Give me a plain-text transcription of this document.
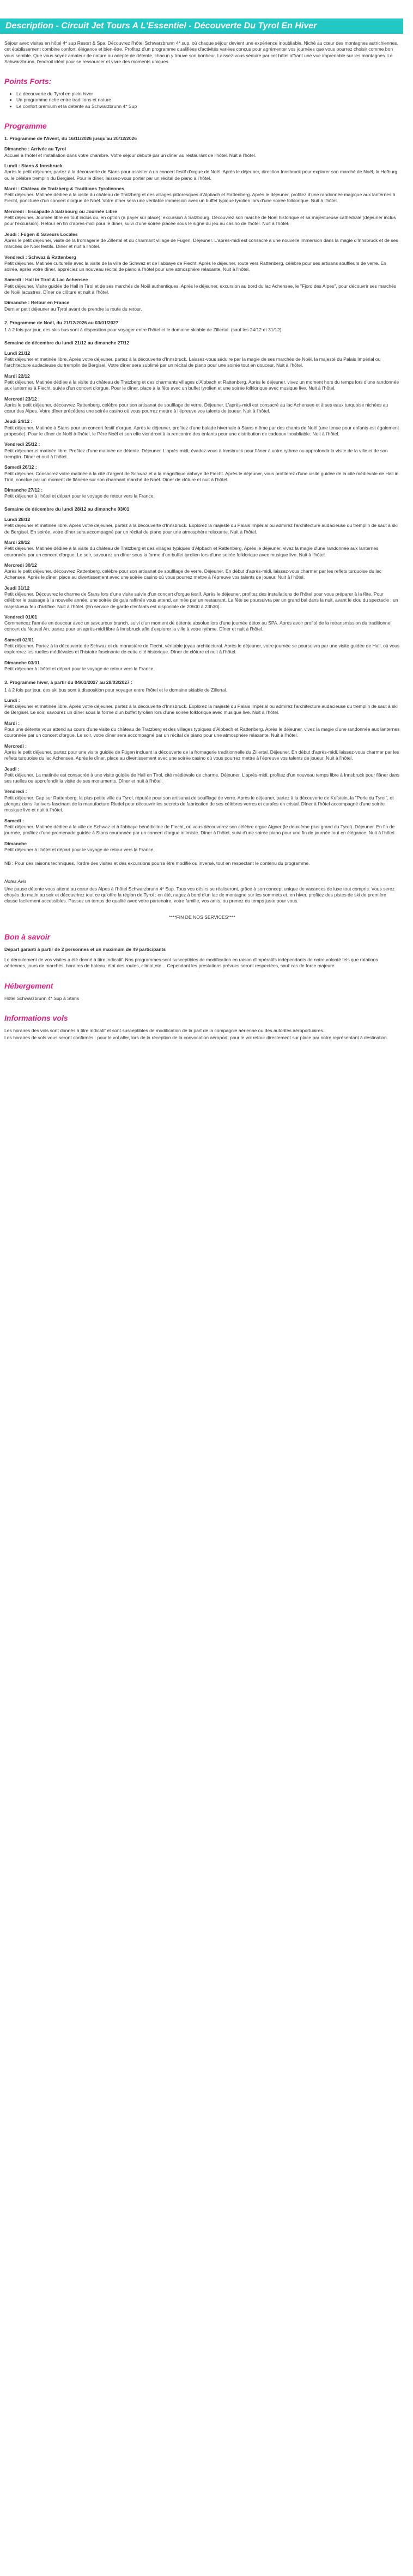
Description - Circuit Jet Tours A L'Essentiel - Découverte Du Tyrol En Hiver
Séjour avec visites en hôtel 4* sup Resort & Spa. Découvrez l'hôtel Schwarzbrunn 4* sup, où chaque séjour devient une expérience inoubliable. Niché au cœur des montagnes autrichiennes, cet établissement combine confort, élégance et bien-être. Profitez d'un programme qualifiées d'activités variées conçus pour agrémenter vos journées que vous pourrez choisir comme bon vous semble. Que vous soyez amateur de nature ou adepte de détente, chacun y trouve son bonheur. Laissez-vous séduire par cet hôtel offrant une vue imprenable sur les montagnes. Le Schwarzbrunn, l'endroit idéal pour se ressourcer et vivre des moments uniques.
Points Forts:
• La découverte du Tyrol en plein hiver
• Un programme riche entre traditions et nature
• Le confort premium et la détente au Schwarzbrunn 4* Sup
Programme
1. Programme de l'Avent, du 16/11/2026 jusqu'au 20/12/2026
Dimanche : Arrivée au Tyrol
Accueil à l'hôtel et installation dans votre chambre. Votre séjour débute par un dîner au restaurant de l'hôtel. Nuit à l'hôtel.
Lundi : Stans & Innsbruck
Après le petit déjeuner, partez à la découverte de Stans pour assister à un concert festif d'orgue de Noël. Après le déjeuner, direction Innsbruck pour explorer son marché de Noël, la Hofburg ou le célèbre tremplin du Bergisel. Pour le dîner, laissez-vous porter par un récital de piano à l'hôtel.
Mardi : Château de Tratzberg & Traditions Tyroliennes
Petit déjeuner. Matinée dédiée à la visite du château de Tratzberg et des villages pittoresques d'Alpbach et Rattenberg. Après le déjeuner, profitez d'une randonnée magique aux lanternes à Fiecht, ponctuée d'un concert d'orgue de Noël. Votre dîner sera une véritable immersion avec un buffet typique tyrolien lors d'une soirée folklorique. Nuit à l'hôtel.
Mercredi : Escapade à Salzbourg ou Journée Libre
Petit déjeuner. Journée libre en tout inclus ou, en option (à payer sur place), excursion à Salzbourg. Découvrez son marché de Noël historique et sa majestueuse cathédrale (déjeuner inclus pour l'excursion). Retour en fin d'après-midi pour le dîner, suivi d'une soirée placée sous le signe du jeu au casino de l'hôtel. Nuit à l'hôtel.
Jeudi : Fügen & Saveurs Locales
Après le petit déjeuner, visite de la fromagerie de Zillertal et du charmant village de Fügen. Déjeuner. L'après-midi est consacré à une nouvelle immersion dans la magie d'Innsbruck et de ses marchés de Noël festifs. Dîner et nuit à l'hôtel.
Vendredi : Schwaz & Rattenberg
Petit déjeuner. Matinée culturelle avec la visite de la ville de Schwaz et de l'abbaye de Fiecht. Après le déjeuner, route vers Rattenberg, célèbre pour ses artisans souffleurs de verre. En soirée, après votre dîner, appréciez un nouveau récital de piano à l'hôtel pour une atmosphère relaxante. Nuit à l'hôtel.
Samedi : Hall in Tirol & Lac Achensee
Petit déjeuner. Visite guidée de Hall in Tirol et de ses marchés de Noël authentiques. Après le déjeuner, excursion au bord du lac Achensee, le "Fjord des Alpes", pour découvrir ses marchés de Noël lacustres. Dîner de clôture et nuit à l'hôtel.
Dimanche : Retour en France
Dernier petit déjeuner au Tyrol avant de prendre la route du retour.
2. Programme de Noël, du 21/12/2026 au 03/01/2027
1 à 2 fois par jour, des skis bus sont à disposition pour voyager entre l'hôtel et le domaine skiable de Zillertal. (sauf les 24/12 et 31/12)
Semaine de décembre du lundi 21/12 au dimanche 27/12
Lundi 21/12
Petit déjeuner et matinée libre. Après votre déjeuner, partez à la découverte d'Innsbruck. Laissez-vous séduire par la magie de ses marchés de Noël, la majesté du Palais Impérial ou l'architecture audacieuse du tremplin de Bergisel. Votre dîner sera sublimé par un récital de piano pour une soirée tout en douceur. Nuit à l'hôtel.
Mardi 22/12
Petit déjeuner. Matinée dédiée à la visite du château de Tratzberg et des charmants villages d'Alpbach et Rattenberg. Après le déjeuner, vivez un moment hors du temps lors d'une randonnée aux lanternes à Fiecht, suivie d'un concert d'orgue. Pour le dîner, place à la fête avec un buffet tyrolien et une soirée folklorique avec musique live. Nuit à l'hôtel.
Mercredi 23/12 :
Après le petit déjeuner, découvrez Rattenberg, célèbre pour son artisanat de soufflage de verre. Déjeuner. L'après-midi est consacré au lac Achensee et à ses eaux turquoise nichées au cœur des Alpes. Votre dîner précédera une soirée casino où vous pourrez mettre à l'épreuve vos talents de joueur. Nuit à l'hôtel.
Jeudi 24/12 :
Petit déjeuner. Matinée à Stans pour un concert festif d'orgue. Après le déjeuner, profitez d'une balade hivernale à Stans même par des chants de Noël (une tenue pour enfants est également proposée). Pour le dîner de Noël à l'hôtel, le Père Noël et son elfe viendront à la rencontre des enfants pour une distribution de cadeaux inoubliable. Nuit à l'hôtel.
Vendredi 25/12 :
Petit déjeuner et matinée libre. Profitez d'une matinée de détente. Déjeuner. L'après-midi, évadez-vous à Innsbruck pour flâner à votre rythme ou approfondir la visite de la ville et de son tremplin. Dîner et nuit à l'hôtel.
Samedi 26/12 :
Petit déjeuner. Consacrez votre matinée à la cité d'argent de Schwaz et à la magnifique abbaye de Fiecht. Après le déjeuner, vous profiterez d'une visite guidée de la cité médiévale de Hall in Tirol, conclue par un moment de flânerie sur son charmant marché de Noël. Dîner de clôture et nuit à l'hôtel.
Dimanche 27/12 :
Petit déjeuner à l'hôtel et départ pour le voyage de retour vers la France.
Semaine de décembre du lundi 28/12 au dimanche 03/01
Lundi 28/12
Petit déjeuner et matinée libre. Après votre déjeuner, partez à la découverte d'Innsbruck. Explorez la majesté du Palais Impérial ou admirez l'architecture audacieuse du tremplin de saut à ski de Bergisel. En soirée, votre dîner sera accompagné par un récital de piano pour une atmosphère relaxante. Nuit à l'hôtel.
Mardi 29/12
Petit déjeuner. Matinée dédiée à la visite du château de Tratzberg et des villages typiques d'Alpbach et Rattenberg. Après le déjeuner, vivez la magie d'une randonnée aux lanternes couronnée par un concert d'orgue. Le soir, savourez un dîner sous la forme d'un buffet tyrolien lors d'une soirée folklorique avec musique live. Nuit à l'hôtel.
Mercredi 30/12
Après le petit déjeuner, découvrez Rattenberg, célèbre pour son artisanat de soufflage de verre. Déjeuner. En début d'après-midi, laissez-vous charmer par les reflets turquoise du lac Achensee. Après le dîner, place au divertissement avec une soirée casino où vous pourrez mettre à l'épreuve vos talents de joueur. Nuit à l'hôtel.
Jeudi 31/12
Petit déjeuner. Découvrez le charme de Stans lors d'une visite suivie d'un concert d'orgue festif. Après le déjeuner, profitez des installations de l'hôtel pour vous préparer à la fête. Pour célébrer le passage à la nouvelle année, une soirée de gala raffinée vous attend, animée par un restaurant. La fête se poursuivra par un grand bal dans la nuit, avant le clou du spectacle : un majestueux feu d'artifice. Nuit à l'hôtel. (En service de garde d'enfants est disponible de 20h00 à 23h30).
Vendredi 01/01
Commencez l'année en douceur avec un savoureux brunch, suivi d'un moment de détente absolue lors d'une journée détox au SPA. Après avoir profité de la retransmission du traditionnel concert du Nouvel An, partez pour un après-midi libre à Innsbruck afin d'explorer la ville à votre rythme. Dîner et nuit à l'hôtel.
Samedi 02/01
Petit déjeuner. Partez à la découverte de Schwaz et du monastère de Fiecht, véritable joyau architectural. Après le déjeuner, votre journée se poursuivra par une visite guidée de Hall, où vous explorerez les ruelles médiévales et l'histoire fascinante de cette cité historique. Dîner de clôture et nuit à l'hôtel.
Dimanche 03/01
Petit déjeuner à l'hôtel et départ pour le voyage de retour vers la France.
3. Programme hiver, à partir du 04/01/2027 au 28/03/2027 :
1 à 2 fois par jour, des ski bus sont à disposition pour voyager entre l'hôtel et le domaine skiable de Zillertal.
Lundi :
Petit déjeuner et matinée libre. Après votre déjeuner, partez à la découverte d'Innsbruck. Explorez la majesté du Palais Impérial ou admirez l'architecture audacieuse du tremplin de saut à ski de Bergisel. Le soir, savourez un dîner sous la forme d'un buffet tyrolien lors d'une soirée folklorique avec musique live. Nuit à l'hôtel.
Mardi :
Pour une détente vous attend au cours d'une visite du château de Tratzberg et des villages typiques d'Alpbach et Rattenberg. Après le déjeuner, vivez la magie d'une randonnée aux lanternes couronnée par un concert d'orgue. Le soir, votre dîner sera accompagné par un récital de piano pour une atmosphère relaxante. Nuit à l'hôtel.
Mercredi :
Après le petit déjeuner, partez pour une visite guidée de Fügen incluant la découverte de la fromagerie traditionnelle du Zillertal. Déjeuner. En début d'après-midi, laissez-vous charmer par les reflets turquoise du lac Achensee. Après le dîner, place au divertissement avec une soirée casino où vous pourrez mettre à l'épreuve vos talents de joueur. Nuit à l'hôtel.
Jeudi :
Petit déjeuner. La matinée est consacrée à une visite guidée de Hall en Tirol, cité médiévale de charme. Déjeuner. L'après-midi, profitez d'un nouveau temps libre à Innsbruck pour flâner dans ses ruelles ou approfondir la visite de ses monuments. Dîner et nuit à l'hôtel.
Vendredi :
Petit déjeuner. Cap sur Rattenberg, la plus petite ville du Tyrol, réputée pour son artisanat de soufflage de verre. Après le déjeuner, partez à la découverte de Kufstein, la "Perle du Tyrol", et plongez dans l'univers fascinant de la manufacture Riedel pour découvrir les secrets de fabrication de ses célèbres verres et carafes en cristal. Dîner à l'hôtel accompagné d'une soirée musique live et nuit à l'hôtel.
Samedi :
Petit déjeuner. Matinée dédiée à la ville de Schwaz et à l'abbaye bénédictine de Fiecht, où vous découvrirez son célèbre orgue Aigner (le deuxième plus grand du Tyrol). Déjeuner. En fin de journée, profitez d'une promenade guidée à Stans couronnée par un concert d'orgue intimiste. Dîner à l'hôtel, suivi d'une soirée piano pour une fin de journée tout en élégance. Nuit à l'hôtel.
Dimanche
Petit déjeuner à l'hôtel et départ pour le voyage de retour vers la France.
NB : Pour des raisons techniques, l'ordre des visites et des excursions pourra être modifié ou inversé, tout en respectant le contenu du programme.
Notes Avis
Une pause détente vous attend au cœur des Alpes à l'hôtel Schwarzbrunn 4* Sup. Tous vos désirs se réaliseront, grâce à son concept unique de vacances de luxe tout compris. Vous serez choyés du matin au soir et découvrirez tout ce qu'offre la région de Tyrol : en été, nagez à bord d'un lac de montagne sur les sommets et, en hiver, profitez des pistes de ski de première classe facilement accessibles. Passez un temps de qualité avec votre partenaire, votre famille, vos amis, ou prenez du temps juste pour vous.
****FIN DE NOS SERVICES****
Bon à savoir
Départ garanti à partir de 2 personnes et un maximum de 49 participants
Le déroulement de vos visites a été donné à titre indicatif. Nos programmes sont susceptibles de modification en raison d'impératifs indépendants de notre volonté tels que rotations aériennes, jours de marchés, horaires de bateau, état des routes, climat,etc… Cependant les prestations prévues seront respectées, sauf cas de force majeure.
Hébergement
Hôtel Schwarzbrunn 4* Sup à Stans
Informations vols
Les horaires des vols sont donnés à titre indicatif et sont susceptibles de modification de la part de la compagnie aérienne ou des autorités aéroportuaires.
Les horaires de vols vous seront confirmés : pour le vol aller, lors de la réception de la convocation aéroport; pour le vol retour directement sur place par notre représentant à destination.
